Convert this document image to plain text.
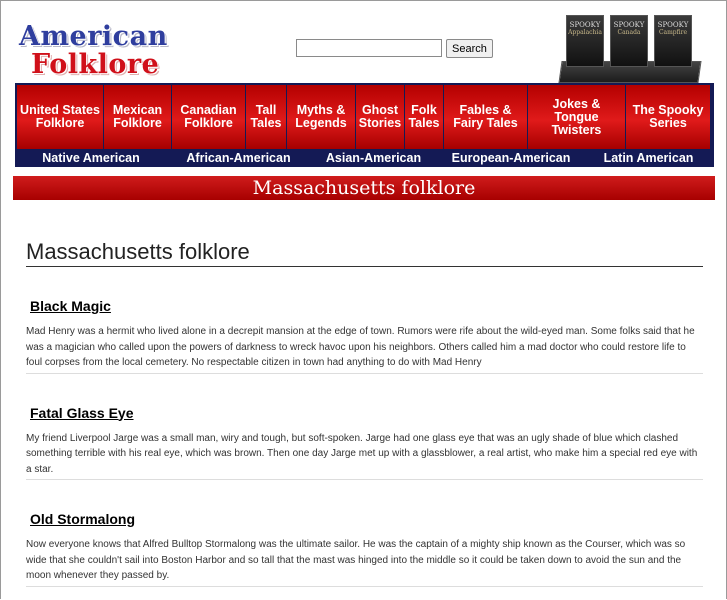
American
Folklore
Search
SPOOKY
Appalachia
SPOOKY
Canada
SPOOKY
Campfire
United States Folklore
Mexican Folklore
Canadian Folklore
Tall Tales
Myths & Legends
Ghost Stories
Folk Tales
Fables & Fairy Tales
Jokes & Tongue Twisters
The Spooky Series
Native American	African-American	Asian-American	European-American	Latin American
Massachusetts folklore
Massachusetts folklore
Black Magic

Mad Henry was a hermit who lived alone in a decrepit mansion at the edge of town. Rumors were rife about the wild-eyed man. Some folks said that he was a magician who called upon the powers of darkness to wreck havoc upon his neighbors. Others called him a mad doctor who could restore life to foul corpses from the local cemetery. No respectable citizen in town had anything to do with Mad Henry

Fatal Glass Eye

My friend Liverpool Jarge was a small man, wiry and tough, but soft-spoken. Jarge had one glass eye that was an ugly shade of blue which clashed something terrible with his real eye, which was brown. Then one day Jarge met up with a glassblower, a real artist, who make him a special red eye with a star.

Old Stormalong

Now everyone knows that Alfred Bulltop Stormalong was the ultimate sailor. He was the captain of a mighty ship known as the Courser, which was so wide that she couldn't sail into Boston Harbor and so tall that the mast was hinged into the middle so it could be taken down to avoid the sun and the moon whenever they passed by.
